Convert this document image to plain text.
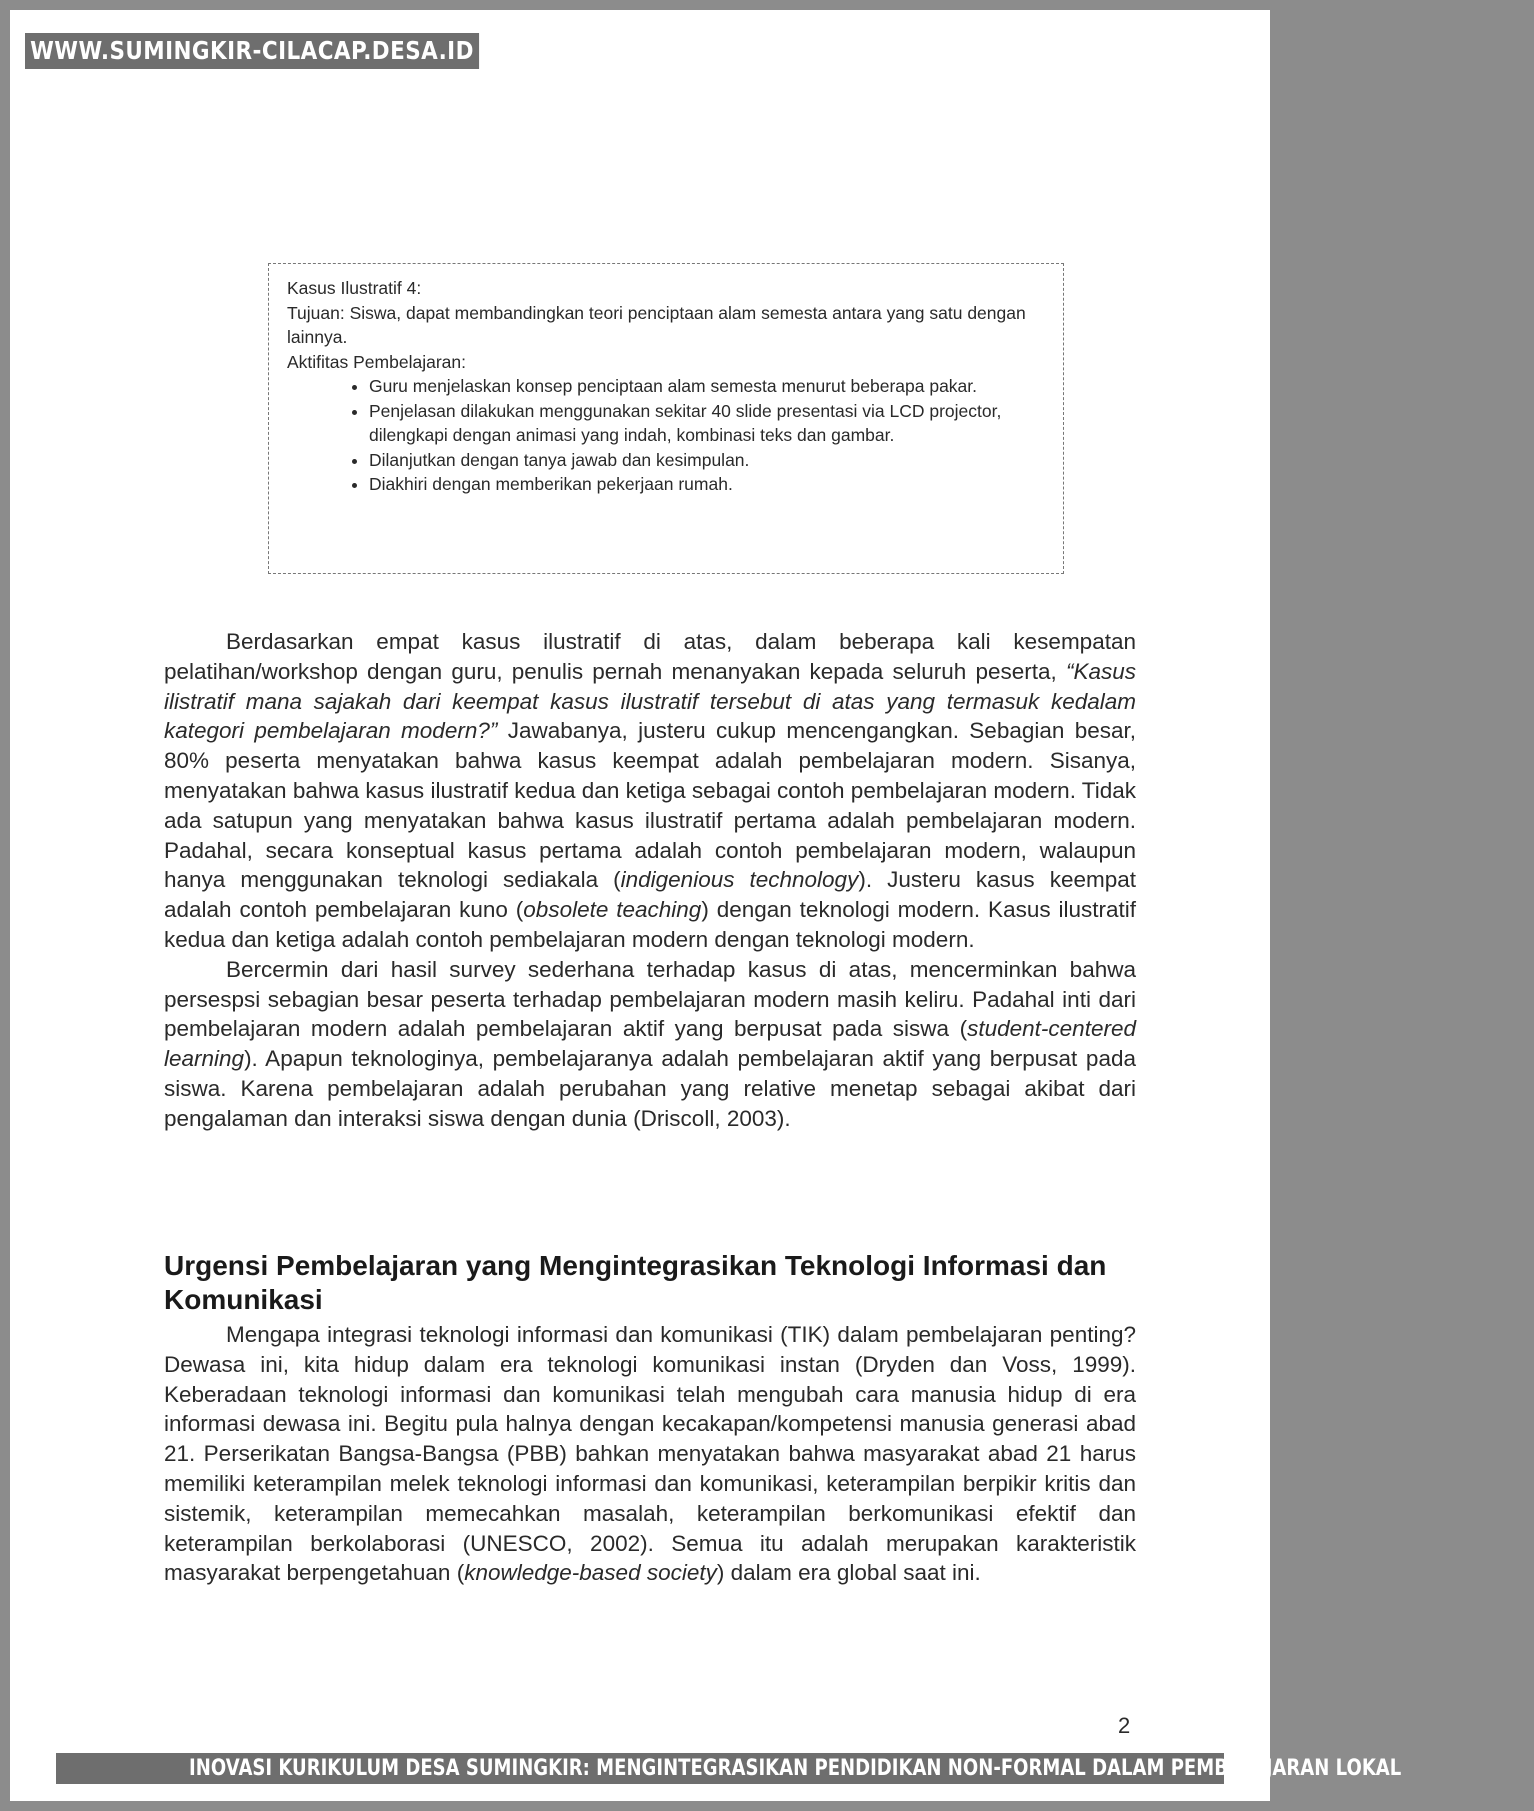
Kasus Ilustratif 4:

Tujuan: Siswa, dapat membandingkan teori penciptaan alam semesta antara yang satu dengan lainnya.

Aktifitas Pembelajaran:

• Guru menjelaskan konsep penciptaan alam semesta menurut beberapa pakar.
• Penjelasan dilakukan menggunakan sekitar 40 slide presentasi via LCD projector, dilengkapi dengan animasi yang indah, kombinasi teks dan gambar.
• Dilanjutkan dengan tanya jawab dan kesimpulan.
• Diakhiri dengan memberikan pekerjaan rumah.

Berdasarkan empat kasus ilustratif di atas, dalam beberapa kali kesempatan pelatihan/workshop dengan guru, penulis pernah menanyakan kepada seluruh peserta, “Kasus ilistratif mana sajakah dari keempat kasus ilustratif tersebut di atas yang termasuk kedalam kategori pembelajaran modern?” Jawabanya, justeru cukup mencengangkan. Sebagian besar, 80% peserta menyatakan bahwa kasus keempat adalah pembelajaran modern. Sisanya, menyatakan bahwa kasus ilustratif kedua dan ketiga sebagai contoh pembelajaran modern. Tidak ada satupun yang menyatakan bahwa kasus ilustratif pertama adalah pembelajaran modern. Padahal, secara konseptual kasus pertama adalah contoh pembelajaran modern, walaupun hanya menggunakan teknologi sediakala (indigenious technology). Justeru kasus keempat adalah contoh pembelajaran kuno (obsolete teaching) dengan teknologi modern. Kasus ilustratif kedua dan ketiga adalah contoh pembelajaran modern dengan teknologi modern.

Bercermin dari hasil survey sederhana terhadap kasus di atas, mencerminkan bahwa persespsi sebagian besar peserta terhadap pembelajaran modern masih keliru. Padahal inti dari pembelajaran modern adalah pembelajaran aktif yang berpusat pada siswa (student-centered learning). Apapun teknologinya, pembelajaranya adalah pembelajaran aktif yang berpusat pada siswa. Karena pembelajaran adalah perubahan yang relative menetap sebagai akibat dari pengalaman dan interaksi siswa dengan dunia (Driscoll, 2003).

Urgensi Pembelajaran yang Mengintegrasikan Teknologi Informasi dan Komunikasi

Mengapa integrasi teknologi informasi dan komunikasi (TIK) dalam pembelajaran penting? Dewasa ini, kita hidup dalam era teknologi komunikasi instan (Dryden dan Voss, 1999). Keberadaan teknologi informasi dan komunikasi telah mengubah cara manusia hidup di era informasi dewasa ini. Begitu pula halnya dengan kecakapan/kompetensi manusia generasi abad 21. Perserikatan Bangsa-Bangsa (PBB) bahkan menyatakan bahwa masyarakat abad 21 harus memiliki keterampilan melek teknologi informasi dan komunikasi, keterampilan berpikir kritis dan sistemik, keterampilan memecahkan masalah, keterampilan berkomunikasi efektif dan keterampilan berkolaborasi (UNESCO, 2002). Semua itu adalah merupakan karakteristik masyarakat berpengetahuan (knowledge-based society) dalam era global saat ini.

2
WWW.SUMINGKIR-CILACAP.DESA.ID
INOVASI KURIKULUM DESA SUMINGKIR: MENGINTEGRASIKAN PENDIDIKAN NON-FORMAL DALAM PEMBELAJARAN LOKAL
